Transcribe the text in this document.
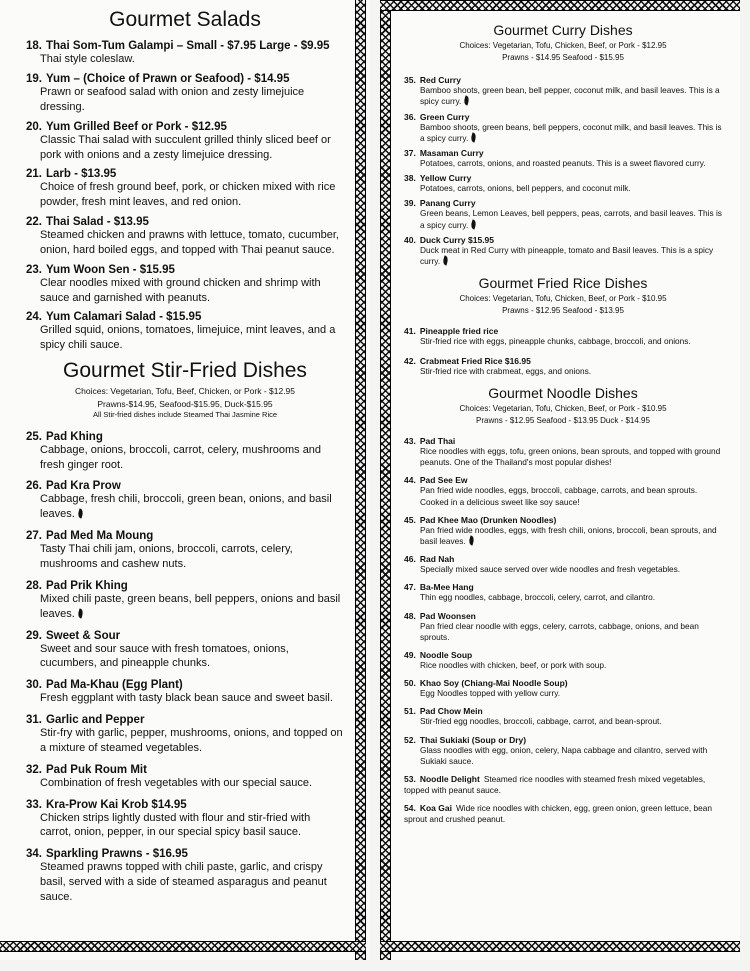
Gourmet Salads
18. Thai Som-Tum Galampi – Small - $7.95 Large - $9.95
Thai style coleslaw.
19. Yum – (Choice of Prawn or Seafood) - $14.95
Prawn or seafood salad with onion and zesty limejuice dressing.
20. Yum Grilled Beef or Pork - $12.95
Classic Thai salad with succulent grilled thinly sliced beef or pork with onions and a zesty limejuice dressing.
21. Larb - $13.95
Choice of fresh ground beef, pork, or chicken mixed with rice powder, fresh mint leaves, and red onion.
22. Thai Salad - $13.95
Steamed chicken and prawns with lettuce, tomato, cucumber, onion, hard boiled eggs, and topped with Thai peanut sauce.
23. Yum Woon Sen - $15.95
Clear noodles mixed with ground chicken and shrimp with sauce and garnished with peanuts.
24. Yum Calamari Salad - $15.95
Grilled squid, onions, tomatoes, limejuice, mint leaves, and a spicy chili sauce.
Gourmet Stir-Fried Dishes
Choices: Vegetarian, Tofu, Beef, Chicken, or Pork - $12.95
Prawns-$14.95, Seafood-$15.95, Duck-$15.95
All Stir-fried dishes include Steamed Thai Jasmine Rice
25. Pad Khing
Cabbage, onions, broccoli, carrot, celery, mushrooms and fresh ginger root.
26. Pad Kra Prow
Cabbage, fresh chili, broccoli, green bean, onions, and basil leaves.
27. Pad Med Ma Moung
Tasty Thai chili jam, onions, broccoli, carrots, celery, mushrooms and cashew nuts.
28. Pad Prik Khing
Mixed chili paste, green beans, bell peppers, onions and basil leaves.
29. Sweet & Sour
Sweet and sour sauce with fresh tomatoes, onions, cucumbers, and pineapple chunks.
30. Pad Ma-Khau (Egg Plant)
Fresh eggplant with tasty black bean sauce and sweet basil.
31. Garlic and Pepper
Stir-fry with garlic, pepper, mushrooms, onions, and topped on a mixture of steamed vegetables.
32. Pad Puk Roum Mit
Combination of fresh vegetables with our special sauce.
33. Kra-Prow Kai Krob $14.95
Chicken strips lightly dusted with flour and stir-fried with carrot, onion, pepper, in our special spicy basil sauce.
34. Sparkling Prawns - $16.95
Steamed prawns topped with chili paste, garlic, and crispy basil, served with a side of steamed asparagus and peanut sauce.
Gourmet Curry Dishes
Choices: Vegetarian, Tofu, Chicken, Beef, or Pork - $12.95
Prawns - $14.95 Seafood - $15.95
35. Red Curry
Bamboo shoots, green bean, bell pepper, coconut milk, and basil leaves. This is a spicy curry.
36. Green Curry
Bamboo shoots, green beans, bell peppers, coconut milk, and basil leaves. This is a spicy curry.
37. Masaman Curry
Potatoes, carrots, onions, and roasted peanuts. This is a sweet flavored curry.
38. Yellow Curry
Potatoes, carrots, onions, bell peppers, and coconut milk.
39. Panang Curry
Green beans, Lemon Leaves, bell peppers, peas, carrots, and basil leaves. This is a spicy curry.
40. Duck Curry $15.95
Duck meat in Red Curry with pineapple, tomato and Basil leaves. This is a spicy curry.
Gourmet Fried Rice Dishes
Choices: Vegetarian, Tofu, Chicken, Beef, or Pork - $10.95
Prawns - $12.95 Seafood - $13.95
41. Pineapple fried rice
Stir-fried rice with eggs, pineapple chunks, cabbage, broccoli, and onions.
42. Crabmeat Fried Rice $16.95
Stir-fried rice with crabmeat, eggs, and onions.
Gourmet Noodle Dishes
Choices: Vegetarian, Tofu, Chicken, Beef, or Pork - $10.95
Prawns - $12.95 Seafood - $13.95 Duck - $14.95
43. Pad Thai
Rice noodles with eggs, tofu, green onions, bean sprouts, and topped with ground peanuts. One of the Thailand's most popular dishes!
44. Pad See Ew
Pan fried wide noodles, eggs, broccoli, cabbage, carrots, and bean sprouts. Cooked in a delicious sweet like soy sauce!
45. Pad Khee Mao (Drunken Noodles)
Pan fried wide noodles, eggs, with fresh chili, onions, broccoli, bean sprouts, and basil leaves.
46. Rad Nah
Specially mixed sauce served over wide noodles and fresh vegetables.
47. Ba-Mee Hang
Thin egg noodles, cabbage, broccoli, celery, carrot, and cilantro.
48. Pad Woonsen
Pan fried clear noodle with eggs, celery, carrots, cabbage, onions, and bean sprouts.
49. Noodle Soup
Rice noodles with chicken, beef, or pork with soup.
50. Khao Soy (Chiang-Mai Noodle Soup)
Egg Noodles topped with yellow curry.
51. Pad Chow Mein
Stir-fried egg noodles, broccoli, cabbage, carrot, and bean-sprout.
52. Thai Sukiaki (Soup or Dry)
Glass noodles with egg, onion, celery, Napa cabbage and cilantro, served with Sukiaki sauce.
53. Noodle Delight Steamed rice noodles with steamed fresh mixed vegetables, topped with peanut sauce.
54. Koa Gai Wide rice noodles with chicken, egg, green onion, green lettuce, bean sprout and crushed peanut.
